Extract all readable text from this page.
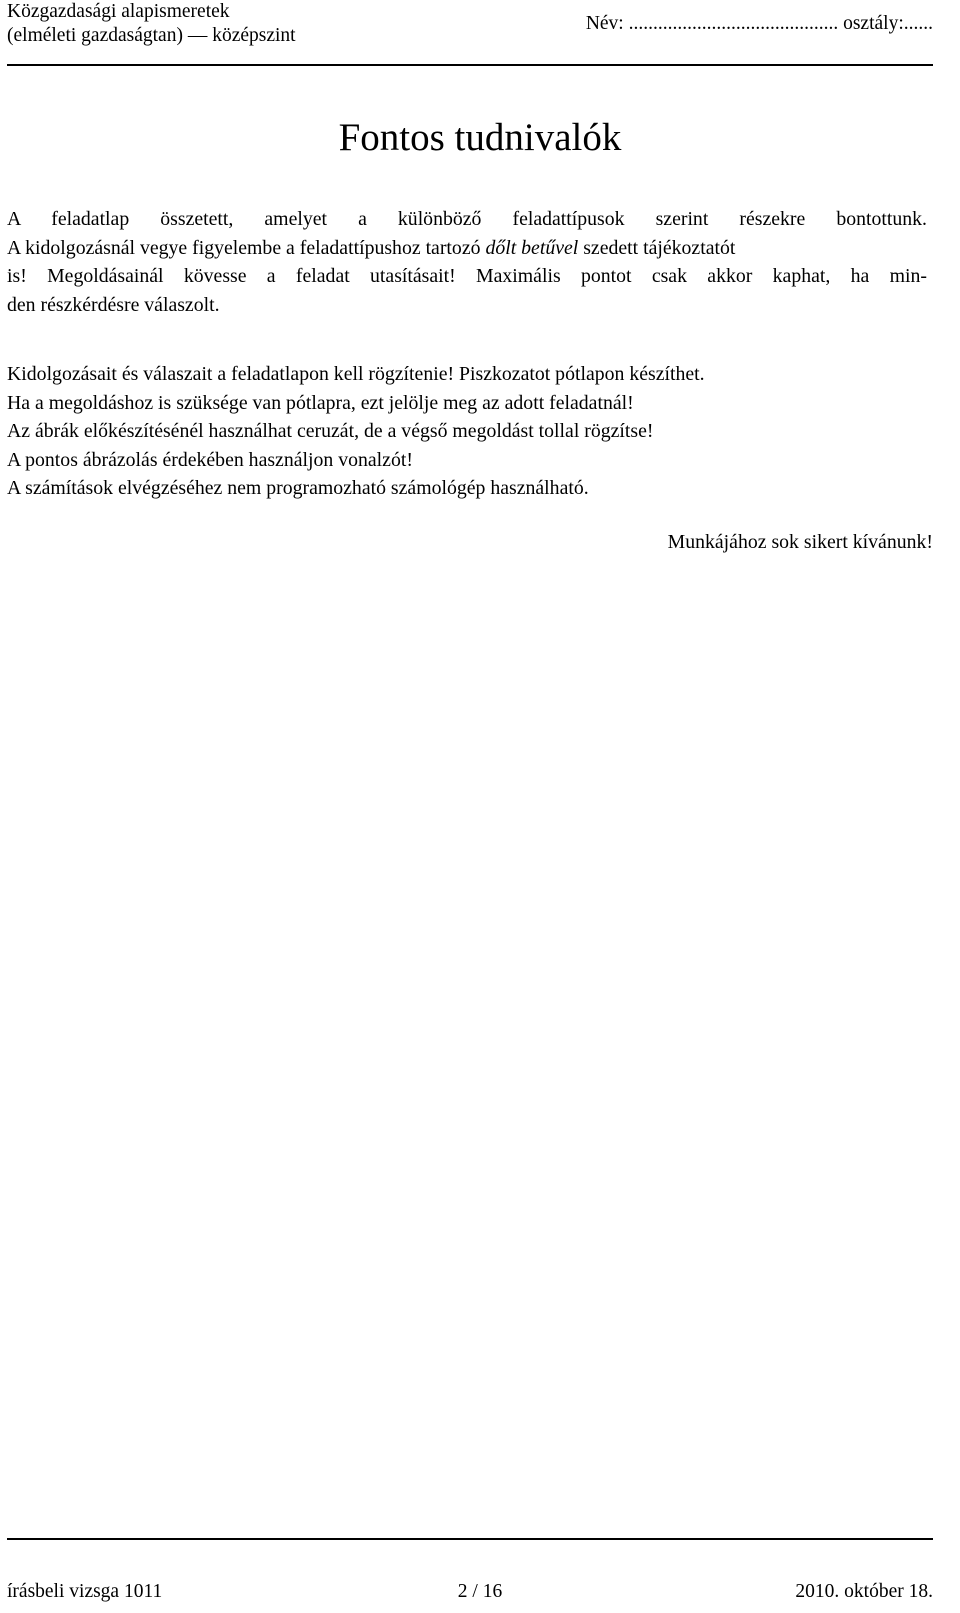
Közgazdasági alapismeretek
(elméleti gazdaságtan) — középszint
Név: ........................................... osztály:......
Fontos tudnivalók
A feladatlap összetett, amelyet a különböző feladattípusok szerint részekre bontottunk.
A kidolgozásnál vegye figyelembe a feladattípushoz tartozó dőlt betűvel szedett tájékoztatót
is! Megoldásainál kövesse a feladat utasításait! Maximális pontot csak akkor kaphat, ha min-
den részkérdésre válaszolt.
Kidolgozásait és válaszait a feladatlapon kell rögzítenie! Piszkozatot pótlapon készíthet.
Ha a megoldáshoz is szüksége van pótlapra, ezt jelölje meg az adott feladatnál!
Az ábrák előkészítésénél használhat ceruzát, de a végső megoldást tollal rögzítse!
A pontos ábrázolás érdekében használjon vonalzót!
A számítások elvégzéséhez nem programozható számológép használható.
Munkájához sok sikert kívánunk!
írásbeli vizsga 1011	2 / 16	2010. október 18.
